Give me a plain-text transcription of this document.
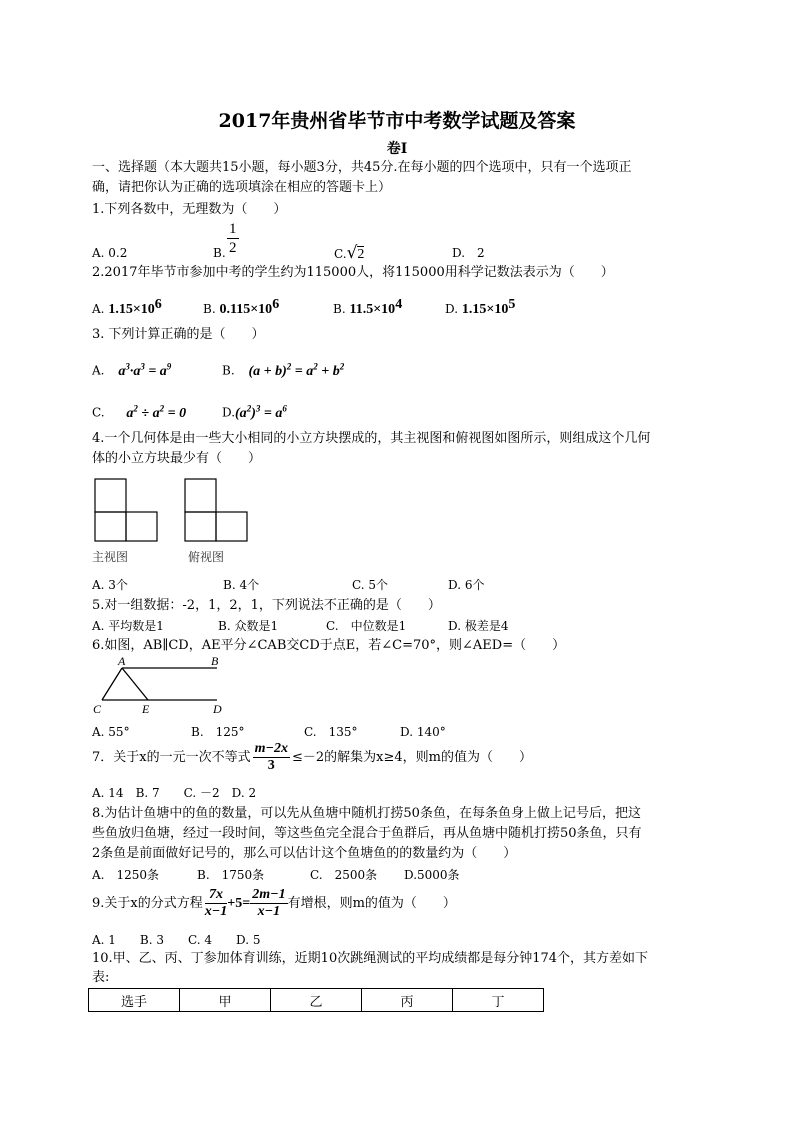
2017年贵州省毕节市中考数学试题及答案
卷Ⅰ
一、选择题（本大题共15小题，每小题3分，共45分.在每小题的四个选项中，只有一个选项正
确，请把你认为正确的选项填涂在相应的答题卡上）
1.下列各数中，无理数为（　　）
A. 0.2	B. $\frac{1}{2}$	C.√2	D.　2
2.2017年毕节市参加中考的学生约为115000人，将115000用科学记数法表示为（　　）
A. $1.15\times 10^6$	B. $0.115\times 10^6$	B. $11.5\times 10^4$	D. $1.15\times 10^5$
3. 下列计算正确的是（　　）
A. $a^3\cdot a^3 = a^9$	B. $(a + b)^2 = a^2 + b^2$
C. $a^2 \div a^2 = 0$	$D.(a^2)^3 = a^6$
4.一个几何体是由一些大小相同的小立方块摆成的，其主视图和俯视图如图所示，则组成这个几何
体的小立方块最少有（　　）
主视图	俯视图
A. 3个	B. 4个	C. 5个	D. 6个
5.对一组数据：-2，1，2，1，下列说法不正确的是（　　）
A. 平均数是1	B. 众数是1	C.　中位数是1	D. 极差是4
6.如图，AB∥CD，AE平分∠CAB交CD于点E，若∠C=70°，则∠AED=（　　）
A	B
C	E	D
A. 55°	B.　125°	C.　135°	D. 140°
7．关于x的一元一次不等式 $\frac{m-2x}{3} \le-2$的解集为x≥4，则m的值为（　　）
A. 14　B. 7　　C. －2　D. 2
8.为估计鱼塘中的鱼的数量，可以先从鱼塘中随机打捞50条鱼，在每条鱼身上做上记号后，把这
些鱼放归鱼塘，经过一段时间，等这些鱼完全混合于鱼群后，再从鱼塘中随机打捞50条鱼，只有
2条鱼是前面做好记号的，那么可以估计这个鱼塘鱼的的数量约为（　　）
A.　1250条	B.　1750条	C.　2500条 D.5000条
9.关于x的分式方程 $\frac{7x}{x-1} +5= \frac{2m-1}{x-1}$ 有增根，则m的值为（　　）
A. 1　　B. 3　　C. 4　　D. 5
10.甲、乙、丙、丁参加体育训练，近期10次跳绳测试的平均成绩都是每分钟174个，其方差如下
表:
选手	甲	乙	丙	丁
